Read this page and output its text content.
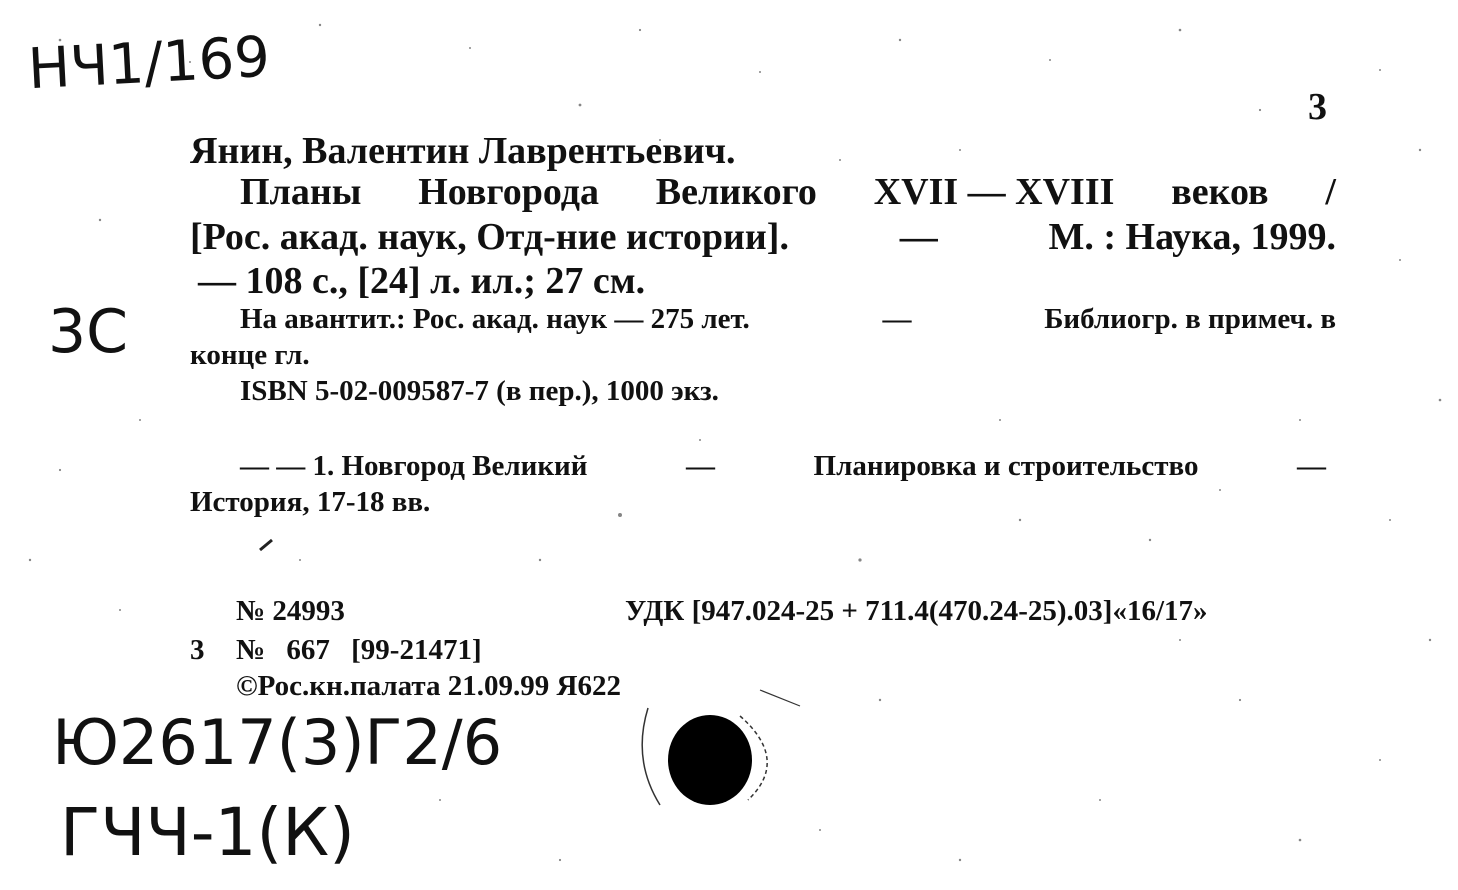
НЧ1/169
3С
Ю2617(3)Г2/6
ГЧЧ-1(К)
3
Янин, Валентин Лаврентьевич.
Планы Новгорода Великого XVII — XVIII веков /
[Рос. акад. наук, Отд-ние истории].	—	М. : Наука, 1999.
— 108 с., [24] л. ил.; 27 см.
На авантит.: Рос. акад. наук — 275 лет.	—	Библиогр. в примеч. в
конце гл.
ISBN 5-02-009587-7 (в пер.), 1000 экз.
— — 1. Новгород Великий	—	Планировка и строительство	—
История, 17-18 вв.
№ 24993	УДК [947.024-25 + 711.4(470.24-25).03]«16/17»
3 № 667 [99-21471]
©Рос.кн.палата 21.09.99 Я622
